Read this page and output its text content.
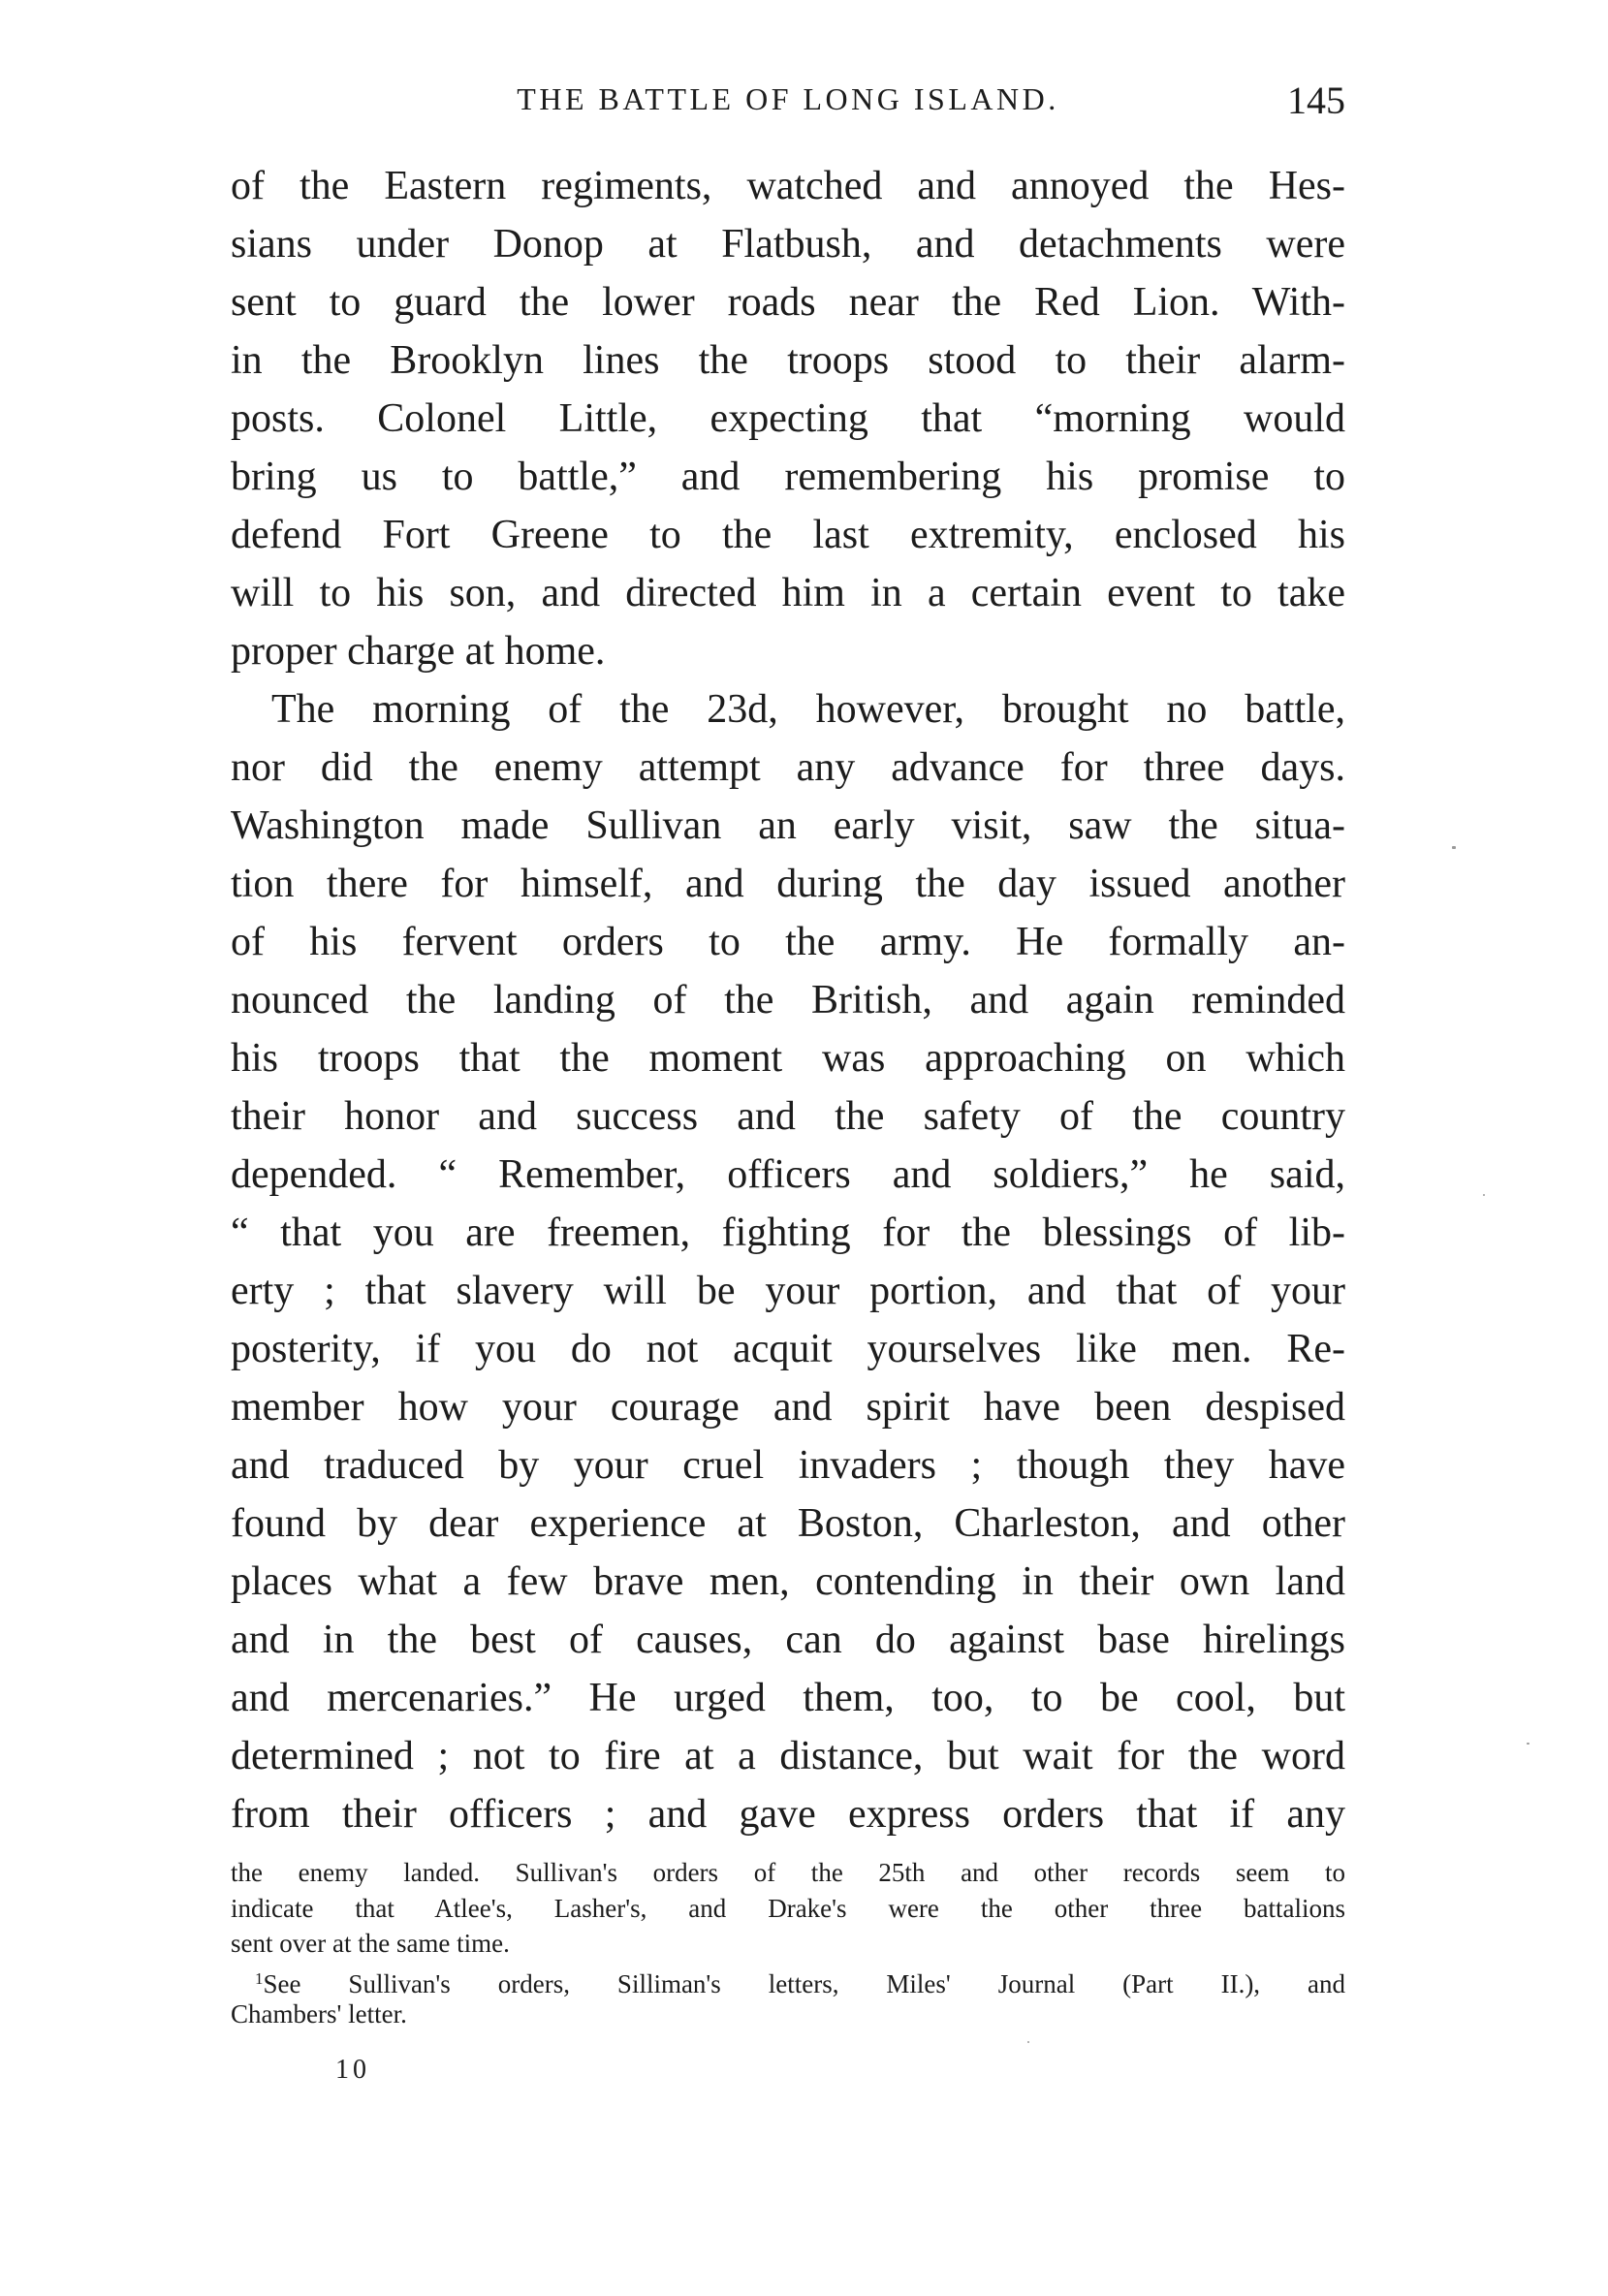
THE BATTLE OF LONG ISLAND.	145
of the Eastern regiments, watched and annoyed the Hes-
sians under Donop at Flatbush, and detachments were
sent to guard the lower roads near the Red Lion. With-
in the Brooklyn lines the troops stood to their alarm-
posts. Colonel Little, expecting that “morning would
bring us to battle,” and remembering his promise to
defend Fort Greene to the last extremity, enclosed his
will to his son, and directed him in a certain event to take
proper charge at home.
The morning of the 23d, however, brought no battle,
nor did the enemy attempt any advance for three days.
Washington made Sullivan an early visit, saw the situa-
tion there for himself, and during the day issued another
of his fervent orders to the army. He formally an-
nounced the landing of the British, and again reminded
his troops that the moment was approaching on which
their honor and success and the safety of the country
depended. “ Remember, officers and soldiers,” he said,
“ that you are freemen, fighting for the blessings of lib-
erty ; that slavery will be your portion, and that of your
posterity, if you do not acquit yourselves like men. Re-
member how your courage and spirit have been despised
and traduced by your cruel invaders ; though they have
found by dear experience at Boston, Charleston, and other
places what a few brave men, contending in their own land
and in the best of causes, can do against base hirelings
and mercenaries.” He urged them, too, to be cool, but
determined ; not to fire at a distance, but wait for the word
from their officers ; and gave express orders that if any
the enemy landed. Sullivan's orders of the 25th and other records seem to
indicate that Atlee's, Lasher's, and Drake's were the other three battalions
sent over at the same time.
$^1$See Sullivan's orders, Silliman's letters, Miles' Journal (Part II.), and
Chambers' letter.
10
